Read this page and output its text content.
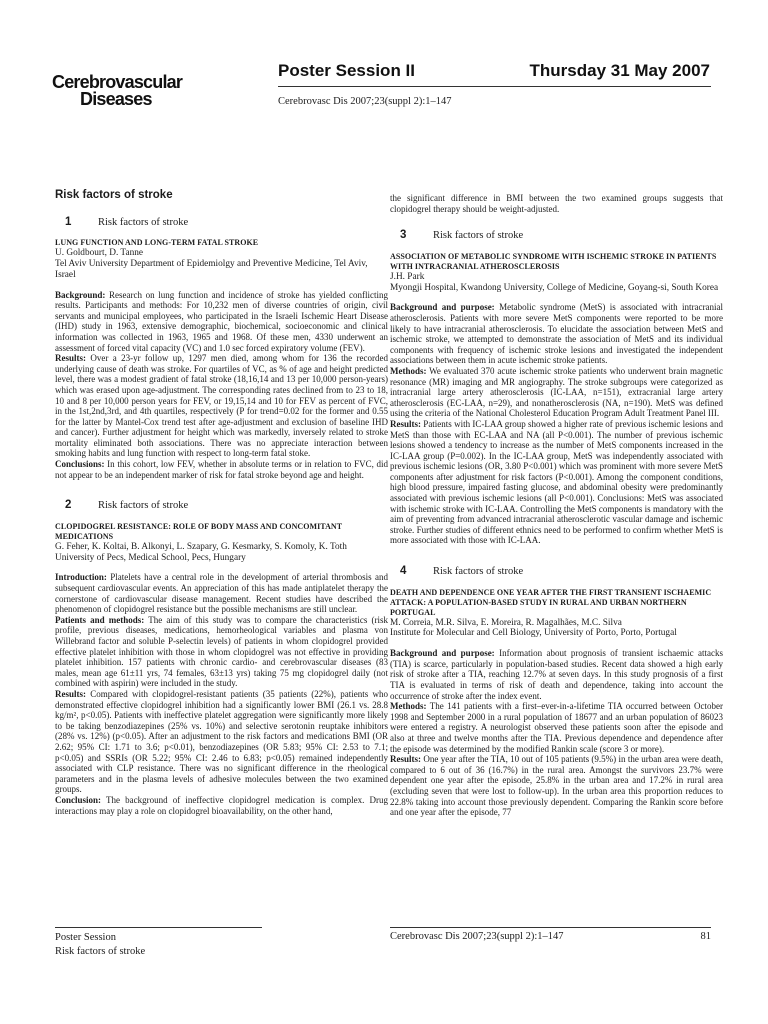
Cerebrovascular
Diseases
Poster Session II	Thursday 31 May 2007
Cerebrovasc Dis 2007;23(suppl 2):1–147
Risk factors of stroke
1	Risk factors of stroke
LUNG FUNCTION AND LONG-TERM FATAL STROKE
U. Goldbourt, D. Tanne
Tel Aviv University Department of Epidemiolgy and Preventive Medicine, Tel Aviv, Israel

Background: Research on lung function and incidence of stroke has yielded conflicting results. Participants and methods: For 10,232 men of diverse countries of origin, civil servants and municipal employees, who participated in the Israeli Ischemic Heart Disease (IHD) study in 1963, extensive demographic, biochemical, socioeconomic and clinical information was collected in 1963, 1965 and 1968. Of these men, 4330 underwent an assessment of forced vital capacity (VC) and 1.0 sec forced expiratory volume (FEV).

Results: Over a 23-yr follow up, 1297 men died, among whom for 136 the recorded underlying cause of death was stroke. For quartiles of VC, as % of age and height predicted level, there was a modest gradient of fatal stroke (18,16,14 and 13 per 10,000 person-years) which was erased upon age-adjustment. The corresponding rates declined from to 23 to 18, 10 and 8 per 10,000 person years for FEV, or 19,15,14 and 10 for FEV as percent of FVC, in the 1st,2nd,3rd, and 4th quartiles, respectively (P for trend=0.02 for the former and 0.55 for the latter by Mantel-Cox trend test after age-adjustment and exclusion of baseline IHD and cancer). Further adjustment for height which was markedly, inversely related to stroke mortality eliminated both associations. There was no appreciate interaction between smoking habits and lung function with respect to long-term fatal stoke.

Conclusions: In this cohort, low FEV, whether in absolute terms or in relation to FVC, did not appear to be an independent marker of risk for fatal stroke beyond age and height.

2	Risk factors of stroke
CLOPIDOGREL RESISTANCE: ROLE OF BODY MASS AND CONCOMITANT MEDICATIONS
G. Feher, K. Koltai, B. Alkonyi, L. Szapary, G. Kesmarky, S. Komoly, K. Toth
University of Pecs, Medical School, Pecs, Hungary

Introduction: Platelets have a central role in the development of arterial thrombosis and subsequent cardiovascular events. An appreciation of this has made antiplatelet therapy the cornerstone of cardiovascular disease management. Recent studies have described the phenomenon of clopidogrel resistance but the possible mechanisms are still unclear.

Patients and methods: The aim of this study was to compare the characteristics (risk profile, previous diseases, medications, hemorheological variables and plasma von Willebrand factor and soluble P-selectin levels) of patients in whom clopidogrel provided effective platelet inhibition with those in whom clopidogrel was not effective in providing platelet inhibition. 157 patients with chronic cardio- and cerebrovascular diseases (83 males, mean age 61±11 yrs, 74 females, 63±13 yrs) taking 75 mg clopidogrel daily (not combined with aspirin) were included in the study.

Results: Compared with clopidogrel-resistant patients (35 patients (22%), patients who demonstrated effective clopidogrel inhibition had a significantly lower BMI (26.1 vs. 28.8 kg/m², p<0.05). Patients with ineffective platelet aggregation were significantly more likely to be taking benzodiazepines (25% vs. 10%) and selective serotonin reuptake inhibitors (28% vs. 12%) (p<0.05). After an adjustment to the risk factors and medications BMI (OR 2.62; 95% CI: 1.71 to 3.6; p<0.01), benzodiazepines (OR 5.83; 95% CI: 2.53 to 7.1; p<0.05) and SSRIs (OR 5.22; 95% CI: 2.46 to 6.83; p<0.05) remained independently associated with CLP resistance. There was no significant difference in the rheological parameters and in the plasma levels of adhesive molecules between the two examined groups.

Conclusion: The background of ineffective clopidogrel medication is complex. Drug interactions may play a role on clopidogrel bioavailability, on the other hand,

the significant difference in BMI between the two examined groups suggests that clopidogrel therapy should be weight-adjusted.

3	Risk factors of stroke
ASSOCIATION OF METABOLIC SYNDROME WITH ISCHEMIC STROKE IN PATIENTS WITH INTRACRANIAL ATHEROSCLEROSIS
J.H. Park
Myongji Hospital, Kwandong University, College of Medicine, Goyang-si, South Korea

Background and purpose: Metabolic syndrome (MetS) is associated with intracranial atherosclerosis. Patients with more severe MetS components were reported to be more likely to have intracranial atherosclerosis. To elucidate the association between MetS and ischemic stroke, we attempted to demonstrate the association of MetS and its individual components with frequency of ischemic stroke lesions and investigated the independent associations between them in acute ischemic stroke patients.

Methods: We evaluated 370 acute ischemic stroke patients who underwent brain magnetic resonance (MR) imaging and MR angiography. The stroke subgroups were categorized as intracranial large artery atherosclerosis (IC-LAA, n=151), extracranial large artery atherosclerosis (EC-LAA, n=29), and nonatherosclerosis (NA, n=190). MetS was defined using the criteria of the National Cholesterol Education Program Adult Treatment Panel III.

Results: Patients with IC-LAA group showed a higher rate of previous ischemic lesions and MetS than those with EC-LAA and NA (all P<0.001). The number of previous ischemic lesions showed a tendency to increase as the number of MetS components increased in the IC-LAA group (P=0.002). In the IC-LAA group, MetS was independently associated with previous ischemic lesions (OR, 3.80 P<0.001) which was prominent with more severe MetS components after adjustment for risk factors (P<0.001). Among the component conditions, high blood pressure, impaired fasting glucose, and abdominal obesity were predominantly associated with previous ischemic lesions (all P<0.001). Conclusions: MetS was associated with ischemic stroke with IC-LAA. Controlling the MetS components is mandatory with the aim of preventing from advanced intracranial atherosclerotic vascular damage and ischemic stroke. Further studies of different ethnics need to be performed to confirm whether MetS is more associated with those with IC-LAA.

4	Risk factors of stroke
DEATH AND DEPENDENCE ONE YEAR AFTER THE FIRST TRANSIENT ISCHAEMIC ATTACK: A POPULATION-BASED STUDY IN RURAL AND URBAN NORTHERN PORTUGAL
M. Correia, M.R. Silva, E. Moreira, R. Magalhães, M.C. Silva
Institute for Molecular and Cell Biology, University of Porto, Porto, Portugal

Background and purpose: Information about prognosis of transient ischaemic attacks (TIA) is scarce, particularly in population-based studies. Recent data showed a high early risk of stroke after a TIA, reaching 12.7% at seven days. In this study prognosis of a first TIA is evaluated in terms of risk of death and dependence, taking into account the occurrence of stroke after the index event.

Methods: The 141 patients with a first–ever-in-a-lifetime TIA occurred between October 1998 and September 2000 in a rural population of 18677 and an urban population of 86023 were entered a registry. A neurologist observed these patients soon after the episode and also at three and twelve months after the TIA. Previous dependence and dependence after the episode was determined by the modified Rankin scale (score 3 or more).

Results: One year after the TIA, 10 out of 105 patients (9.5%) in the urban area were death, compared to 6 out of 36 (16.7%) in the rural area. Amongst the survivors 23.7% were dependent one year after the episode, 25.8% in the urban area and 17.2% in rural area (excluding seven that were lost to follow-up). In the urban area this proportion reduces to 22.8% taking into account those previously dependent. Comparing the Rankin score before and one year after the episode, 77

Poster Session
Risk factors of stroke
Cerebrovasc Dis 2007;23(suppl 2):1–147	81
